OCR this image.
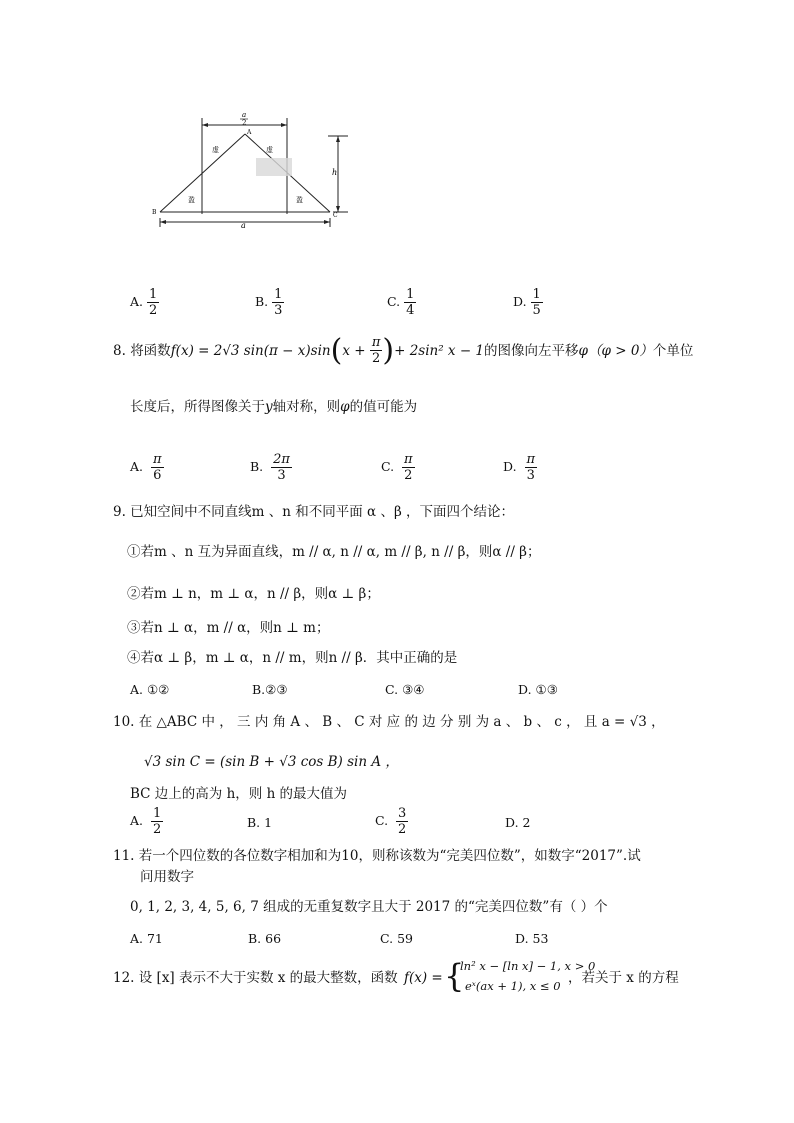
a
2
A
B	C
h
a
虚	虚
盈	盈
A. $\frac{1}{2}$	B. $\frac{1}{3}$	C. $\frac{1}{4}$	D. $\frac{1}{5}$
8.
将函数 f(x) = 2√3 sin(π − x)sin ( x +
$\frac{\pi}{2}$ ) + 2sin² x − 1 的图像向左平移 φ（φ > 0） 个单位
长度后，所得图像关于y轴对称，则φ的值可能为
A. $\frac{\pi}{6}$	B. $\frac{2\pi}{3}$	C. $\frac{\pi}{2}$	D. $\frac{\pi}{3}$
9. 已知空间中不同直线m 、n 和不同平面 α 、β ，下面四个结论：
①若m 、n 互为异面直线，m // α, n // α, m // β, n // β，则α // β；
②若m ⊥ n，m ⊥ α，n // β，则α ⊥ β；
③若n ⊥ α，m // α，则n ⊥ m；
④若α ⊥ β，m ⊥ α，n // m，则n // β．其中正确的是
A. ①②	B.②③	C. ③④	D. ①③
10. 在 △ABC 中 ， 三 内 角 A 、 B 、 C 对 应 的 边 分 别 为 a 、 b 、 c ， 且 a = √3 ，
√3 sin C = (sin B + √3 cos B) sin A ，
BC 边上的高为 h，则 h 的最大值为
A. $\frac{1}{2}$	B. 1	C. $\frac{3}{2}$	D. 2
11. 若一个四位数的各位数字相加和为10，则称该数为“完美四位数”，如数字“2017”.试
问用数字
0, 1, 2, 3, 4, 5, 6, 7 组成的无重复数字且大于 2017 的“完美四位数”有（ ）个
A. 71	B. 66	C. 59	D. 53
12. 设 [x] 表示不大于实数 x 的最大整数，函数 f(x) = {
ln² x − [ln x] − 1, x > 0
eˣ(ax + 1), x ≤ 0 ，若关于 x 的方程
